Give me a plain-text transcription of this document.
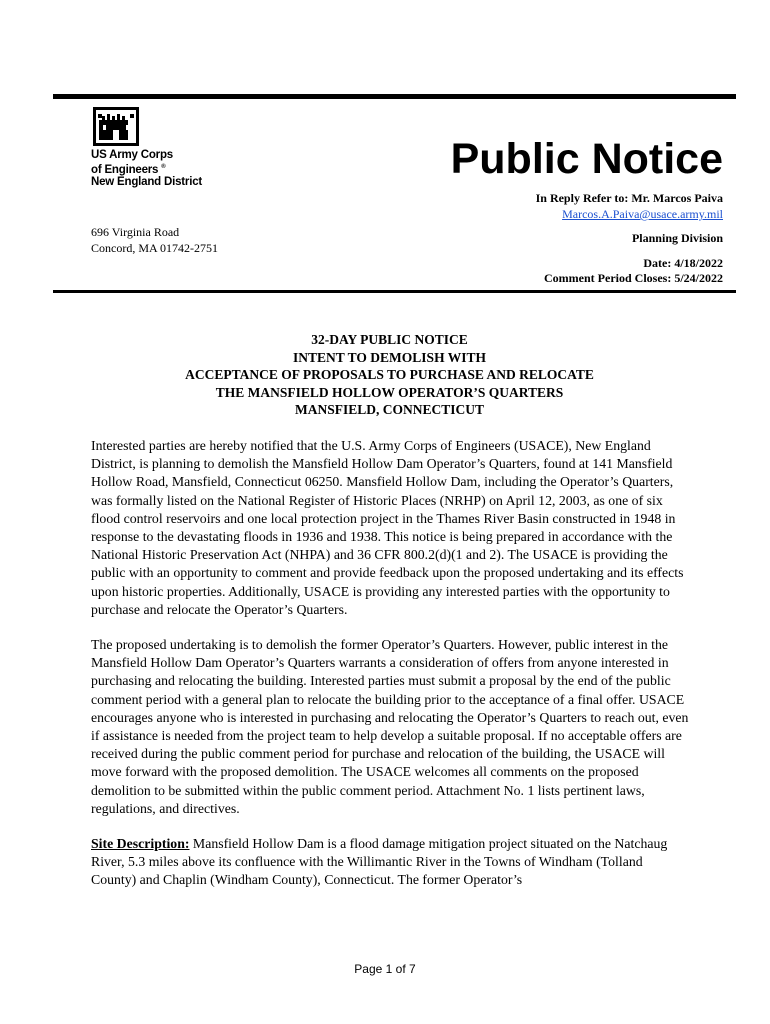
US Army Corps
of Engineers ®
New England District	Public Notice
In Reply Refer to: Mr. Marcos Paiva
Marcos.A.Paiva@usace.army.mil
696 Virginia Road
Concord, MA 01742-2751
Planning Division
Date: 4/18/2022
Comment Period Closes: 5/24/2022
32-DAY PUBLIC NOTICE
INTENT TO DEMOLISH WITH
ACCEPTANCE OF PROPOSALS TO PURCHASE AND RELOCATE
THE MANSFIELD HOLLOW OPERATOR’S QUARTERS
MANSFIELD, CONNECTICUT

Interested parties are hereby notified that the U.S. Army Corps of Engineers (USACE), New England District, is planning to demolish the Mansfield Hollow Dam Operator’s Quarters, found at 141 Mansfield Hollow Road, Mansfield, Connecticut 06250. Mansfield Hollow Dam, including the Operator’s Quarters, was formally listed on the National Register of Historic Places (NRHP) on April 12, 2003, as one of six flood control reservoirs and one local protection project in the Thames River Basin constructed in 1948 in response to the devastating floods in 1936 and 1938. This notice is being prepared in accordance with the National Historic Preservation Act (NHPA) and 36 CFR 800.2(d)(1 and 2). The USACE is providing the public with an opportunity to comment and provide feedback upon the proposed undertaking and its effects upon historic properties. Additionally, USACE is providing any interested parties with the opportunity to purchase and relocate the Operator’s Quarters.

The proposed undertaking is to demolish the former Operator’s Quarters. However, public interest in the Mansfield Hollow Dam Operator’s Quarters warrants a consideration of offers from anyone interested in purchasing and relocating the building. Interested parties must submit a proposal by the end of the public comment period with a general plan to relocate the building prior to the acceptance of a final offer. USACE encourages anyone who is interested in purchasing and relocating the Operator’s Quarters to reach out, even if assistance is needed from the project team to help develop a suitable proposal. If no acceptable offers are received during the public comment period for purchase and relocation of the building, the USACE will move forward with the proposed demolition. The USACE welcomes all comments on the proposed demolition to be submitted within the public comment period. Attachment No. 1 lists pertinent laws, regulations, and directives.

Site Description: Mansfield Hollow Dam is a flood damage mitigation project situated on the Natchaug River, 5.3 miles above its confluence with the Willimantic River in the Towns of Windham (Tolland County) and Chaplin (Windham County), Connecticut. The former Operator’s

Page 1 of 7
